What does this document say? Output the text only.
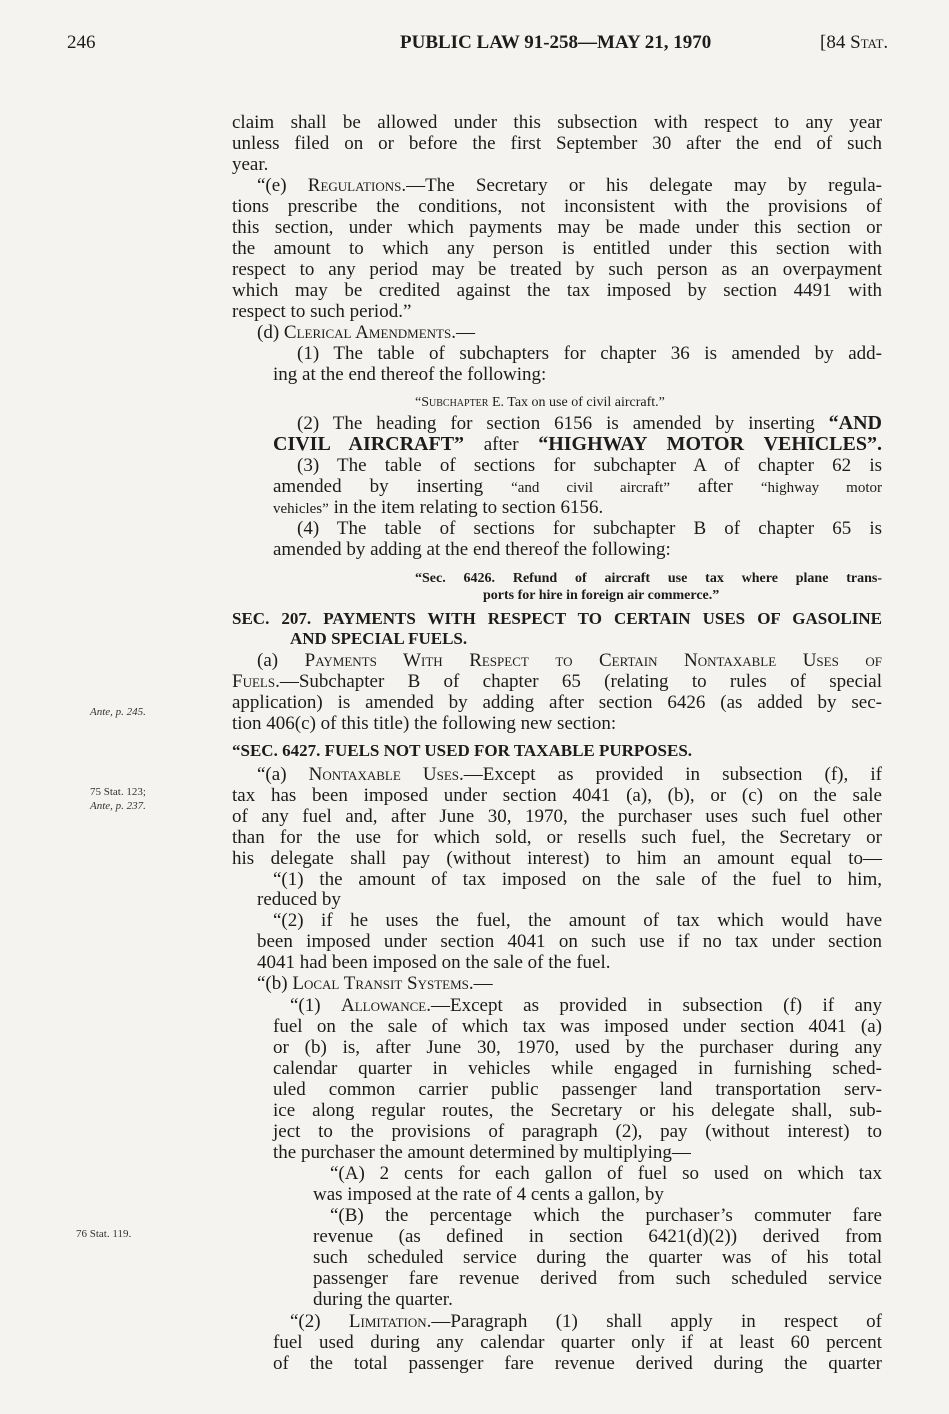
246	PUBLIC LAW 91-258—MAY 21, 1970	[84 Stat.
Ante, p. 245.
75 Stat. 123;
Ante, p. 237.
76 Stat. 119.
claim shall be allowed under this subsection with respect to any year
unless filed on or before the first September 30 after the end of such
year.
“(e) Regulations.—The Secretary or his delegate may by regula-
tions prescribe the conditions, not inconsistent with the provisions of
this section, under which payments may be made under this section or
the amount to which any person is entitled under this section with
respect to any period may be treated by such person as an overpayment
which may be credited against the tax imposed by section 4491 with
respect to such period.”
(d) Clerical Amendments.—
(1) The table of subchapters for chapter 36 is amended by add-
ing at the end thereof the following:
“Subchapter E. Tax on use of civil aircraft.”
(2) The heading for section 6156 is amended by inserting “AND
CIVIL AIRCRAFT” after “HIGHWAY MOTOR VEHICLES”.
(3) The table of sections for subchapter A of chapter 62 is
amended by inserting “and civil aircraft” after “highway motor
vehicles” in the item relating to section 6156.
(4) The table of sections for subchapter B of chapter 65 is
amended by adding at the end thereof the following:
“Sec. 6426. Refund of aircraft use tax where plane trans-
ports for hire in foreign air commerce.”
SEC. 207. PAYMENTS WITH RESPECT TO CERTAIN USES OF GASOLINE
AND SPECIAL FUELS.
(a) Payments With Respect to Certain Nontaxable Uses of
Fuels.—Subchapter B of chapter 65 (relating to rules of special
application) is amended by adding after section 6426 (as added by sec-
tion 406(c) of this title) the following new section:
“SEC. 6427. FUELS NOT USED FOR TAXABLE PURPOSES.
“(a) Nontaxable Uses.—Except as provided in subsection (f), if
tax has been imposed under section 4041 (a), (b), or (c) on the sale
of any fuel and, after June 30, 1970, the purchaser uses such fuel other
than for the use for which sold, or resells such fuel, the Secretary or
his delegate shall pay (without interest) to him an amount equal to—
“(1) the amount of tax imposed on the sale of the fuel to him,
reduced by
“(2) if he uses the fuel, the amount of tax which would have
been imposed under section 4041 on such use if no tax under section
4041 had been imposed on the sale of the fuel.
“(b) Local Transit Systems.—
“(1) Allowance.—Except as provided in subsection (f) if any
fuel on the sale of which tax was imposed under section 4041 (a)
or (b) is, after June 30, 1970, used by the purchaser during any
calendar quarter in vehicles while engaged in furnishing sched-
uled common carrier public passenger land transportation serv-
ice along regular routes, the Secretary or his delegate shall, sub-
ject to the provisions of paragraph (2), pay (without interest) to
the purchaser the amount determined by multiplying—
“(A) 2 cents for each gallon of fuel so used on which tax
was imposed at the rate of 4 cents a gallon, by
“(B) the percentage which the purchaser’s commuter fare
revenue (as defined in section 6421(d)(2)) derived from
such scheduled service during the quarter was of his total
passenger fare revenue derived from such scheduled service
during the quarter.
“(2) Limitation.—Paragraph (1) shall apply in respect of
fuel used during any calendar quarter only if at least 60 percent
of the total passenger fare revenue derived during the quarter
